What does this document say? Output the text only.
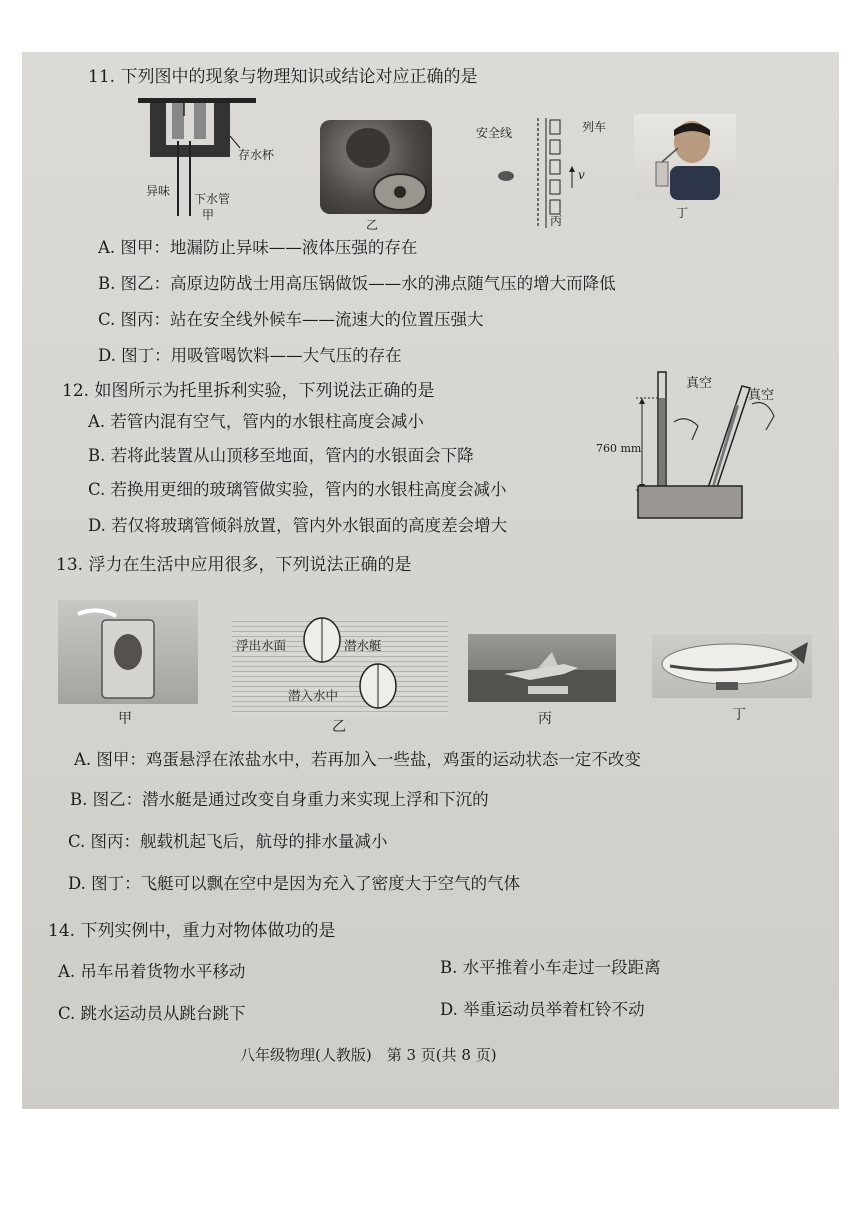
11. 下列图中的现象与物理知识或结论对应正确的是
存水杯
异味
下水管
甲
乙
安全线	列车
v
丙
丁
A. 图甲：地漏防止异味——液体压强的存在
B. 图乙：高原边防战士用高压锅做饭——水的沸点随气压的增大而降低
C. 图丙：站在安全线外候车——流速大的位置压强大
D. 图丁：用吸管喝饮料——大气压的存在
12. 如图所示为托里拆利实验，下列说法正确的是
A. 若管内混有空气，管内的水银柱高度会减小
B. 若将此装置从山顶移至地面，管内的水银面会下降
C. 若换用更细的玻璃管做实验，管内的水银柱高度会减小
D. 若仅将玻璃管倾斜放置，管内外水银面的高度差会增大
真空
真空
760 mm
13. 浮力在生活中应用很多，下列说法正确的是
甲
浮出水面	潜水艇
潜入水中
乙	丙	丁
A. 图甲：鸡蛋悬浮在浓盐水中，若再加入一些盐，鸡蛋的运动状态一定不改变
B. 图乙：潜水艇是通过改变自身重力来实现上浮和下沉的
C. 图丙：舰载机起飞后，航母的排水量减小
D. 图丁：飞艇可以飘在空中是因为充入了密度大于空气的气体
14. 下列实例中，重力对物体做功的是
A. 吊车吊着货物水平移动	B. 水平推着小车走过一段距离
C. 跳水运动员从跳台跳下	D. 举重运动员举着杠铃不动
八年级物理(人教版)　第 3 页(共 8 页)
